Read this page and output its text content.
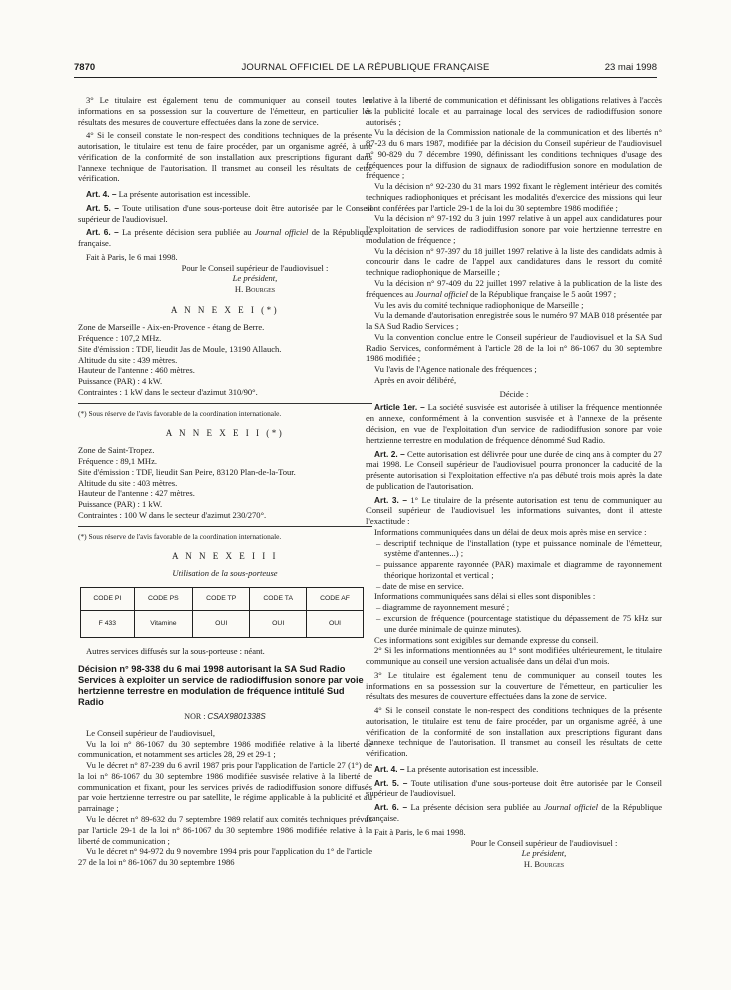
7870	JOURNAL OFFICIEL DE LA RÉPUBLIQUE FRANÇAISE	23 mai 1998

3° Le titulaire est également tenu de communiquer au conseil toutes les informations en sa possession sur la couverture de l'émetteur, en particulier les résultats des mesures de couverture effectuées dans la zone de service.

4° Si le conseil constate le non-respect des conditions techniques de la présente autorisation, le titulaire est tenu de faire procéder, par un organisme agréé, à une vérification de la conformité de son installation aux prescriptions figurant dans l'annexe technique de l'autorisation. Il transmet au conseil les résultats de cette vérification.

Art. 4. – La présente autorisation est incessible.

Art. 5. – Toute utilisation d'une sous-porteuse doit être autorisée par le Conseil supérieur de l'audiovisuel.

Art. 6. – La présente décision sera publiée au Journal officiel de la République française.

Fait à Paris, le 6 mai 1998.

Pour le Conseil supérieur de l'audiovisuel :

Le président,

H. Bourges

A N N E X E I (*)

Zone de Marseille - Aix-en-Provence - étang de Berre.

Fréquence : 107,2 MHz.

Site d'émission : TDF, lieudit Jas de Moule, 13190 Allauch.

Altitude du site : 439 mètres.

Hauteur de l'antenne : 460 mètres.

Puissance (PAR) : 4 kW.

Contraintes : 1 kW dans le secteur d'azimut 310/90°.

(*) Sous réserve de l'avis favorable de la coordination internationale.

A N N E X E I I (*)

Zone de Saint-Tropez.

Fréquence : 89,1 MHz.

Site d'émission : TDF, lieudit San Peire, 83120 Plan-de-la-Tour.

Altitude du site : 403 mètres.

Hauteur de l'antenne : 427 mètres.

Puissance (PAR) : 1 kW.

Contraintes : 100 W dans le secteur d'azimut 230/270°.

(*) Sous réserve de l'avis favorable de la coordination internationale.

A N N E X E I I I

Utilisation de la sous-porteuse

CODE PI	CODE PS	CODE TP	CODE TA	CODE AF
F 433	Vitamine	OUI	OUI	OUI

Autres services diffusés sur la sous-porteuse : néant.

Décision n° 98-338 du 6 mai 1998 autorisant la SA Sud Radio Services à exploiter un service de radiodiffusion sonore par voie hertzienne terrestre en modulation de fréquence intitulé Sud Radio

NOR : CSAX9801338S

Le Conseil supérieur de l'audiovisuel,

Vu la loi n° 86-1067 du 30 septembre 1986 modifiée relative à la liberté de communication, et notamment ses articles 28, 29 et 29-1 ;

Vu le décret n° 87-239 du 6 avril 1987 pris pour l'application de l'article 27 (1°) de la loi n° 86-1067 du 30 septembre 1986 modifiée susvisée relative à la liberté de communication et fixant, pour les services privés de radiodiffusion sonore diffusés par voie hertzienne terrestre ou par satellite, le régime applicable à la publicité et au parrainage ;

Vu le décret n° 89-632 du 7 septembre 1989 relatif aux comités techniques prévus par l'article 29-1 de la loi n° 86-1067 du 30 septembre 1986 modifiée relative à la liberté de communication ;

Vu le décret n° 94-972 du 9 novembre 1994 pris pour l'application du 1° de l'article 27 de la loi n° 86-1067 du 30 septembre 1986

relative à la liberté de communication et définissant les obligations relatives à l'accès à la publicité locale et au parrainage local des services de radiodiffusion sonore autorisés ;

Vu la décision de la Commission nationale de la communication et des libertés n° 87-23 du 6 mars 1987, modifiée par la décision du Conseil supérieur de l'audiovisuel n° 90-829 du 7 décembre 1990, définissant les conditions techniques d'usage des fréquences pour la diffusion de signaux de radiodiffusion sonore en modulation de fréquence ;

Vu la décision n° 92-230 du 31 mars 1992 fixant le règlement intérieur des comités techniques radiophoniques et précisant les modalités d'exercice des missions qui leur sont conférées par l'article 29-1 de la loi du 30 septembre 1986 modifiée ;

Vu la décision n° 97-192 du 3 juin 1997 relative à un appel aux candidatures pour l'exploitation de services de radiodiffusion sonore par voie hertzienne terrestre en modulation de fréquence ;

Vu la décision n° 97-397 du 18 juillet 1997 relative à la liste des candidats admis à concourir dans le cadre de l'appel aux candidatures dans le ressort du comité technique radiophonique de Marseille ;

Vu la décision n° 97-409 du 22 juillet 1997 relative à la publication de la liste des fréquences au Journal officiel de la République française le 5 août 1997 ;

Vu les avis du comité technique radiophonique de Marseille ;

Vu la demande d'autorisation enregistrée sous le numéro 97 MAB 018 présentée par la SA Sud Radio Services ;

Vu la convention conclue entre le Conseil supérieur de l'audiovisuel et la SA Sud Radio Services, conformément à l'article 28 de la loi n° 86-1067 du 30 septembre 1986 modifiée ;

Vu l'avis de l'Agence nationale des fréquences ;

Après en avoir délibéré,

Décide :

Article 1er. – La société susvisée est autorisée à utiliser la fréquence mentionnée en annexe, conformément à la convention susvisée et à l'annexe de la présente décision, en vue de l'exploitation d'un service de radiodiffusion sonore par voie hertzienne terrestre en modulation de fréquence dénommé Sud Radio.

Art. 2. – Cette autorisation est délivrée pour une durée de cinq ans à compter du 27 mai 1998. Le Conseil supérieur de l'audiovisuel pourra prononcer la caducité de la présente autorisation si l'exploitation effective n'a pas débuté trois mois après la date de publication de l'autorisation.

Art. 3. – 1° Le titulaire de la présente autorisation est tenu de communiquer au Conseil supérieur de l'audiovisuel les informations suivantes, dont il atteste l'exactitude :

Informations communiquées dans un délai de deux mois après mise en service :

– descriptif technique de l'installation (type et puissance nominale de l'émetteur, système d'antennes...) ;

– puissance apparente rayonnée (PAR) maximale et diagramme de rayonnement théorique horizontal et vertical ;

– date de mise en service.

Informations communiquées sans délai si elles sont disponibles :

– diagramme de rayonnement mesuré ;

– excursion de fréquence (pourcentage statistique du dépassement de 75 kHz sur une durée minimale de quinze minutes).

Ces informations sont exigibles sur demande expresse du conseil.

2° Si les informations mentionnées au 1° sont modifiées ultérieurement, le titulaire communique au conseil une version actualisée dans un délai d'un mois.

3° Le titulaire est également tenu de communiquer au conseil toutes les informations en sa possession sur la couverture de l'émetteur, en particulier les résultats des mesures de couverture effectuées dans la zone de service.

4° Si le conseil constate le non-respect des conditions techniques de la présente autorisation, le titulaire est tenu de faire procéder, par un organisme agréé, à une vérification de la conformité de son installation aux prescriptions figurant dans l'annexe technique de l'autorisation. Il transmet au conseil les résultats de cette vérification.

Art. 4. – La présente autorisation est incessible.

Art. 5. – Toute utilisation d'une sous-porteuse doit être autorisée par le Conseil supérieur de l'audiovisuel.

Art. 6. – La présente décision sera publiée au Journal officiel de la République française.

Fait à Paris, le 6 mai 1998.

Pour le Conseil supérieur de l'audiovisuel :

Le président,

H. Bourges
